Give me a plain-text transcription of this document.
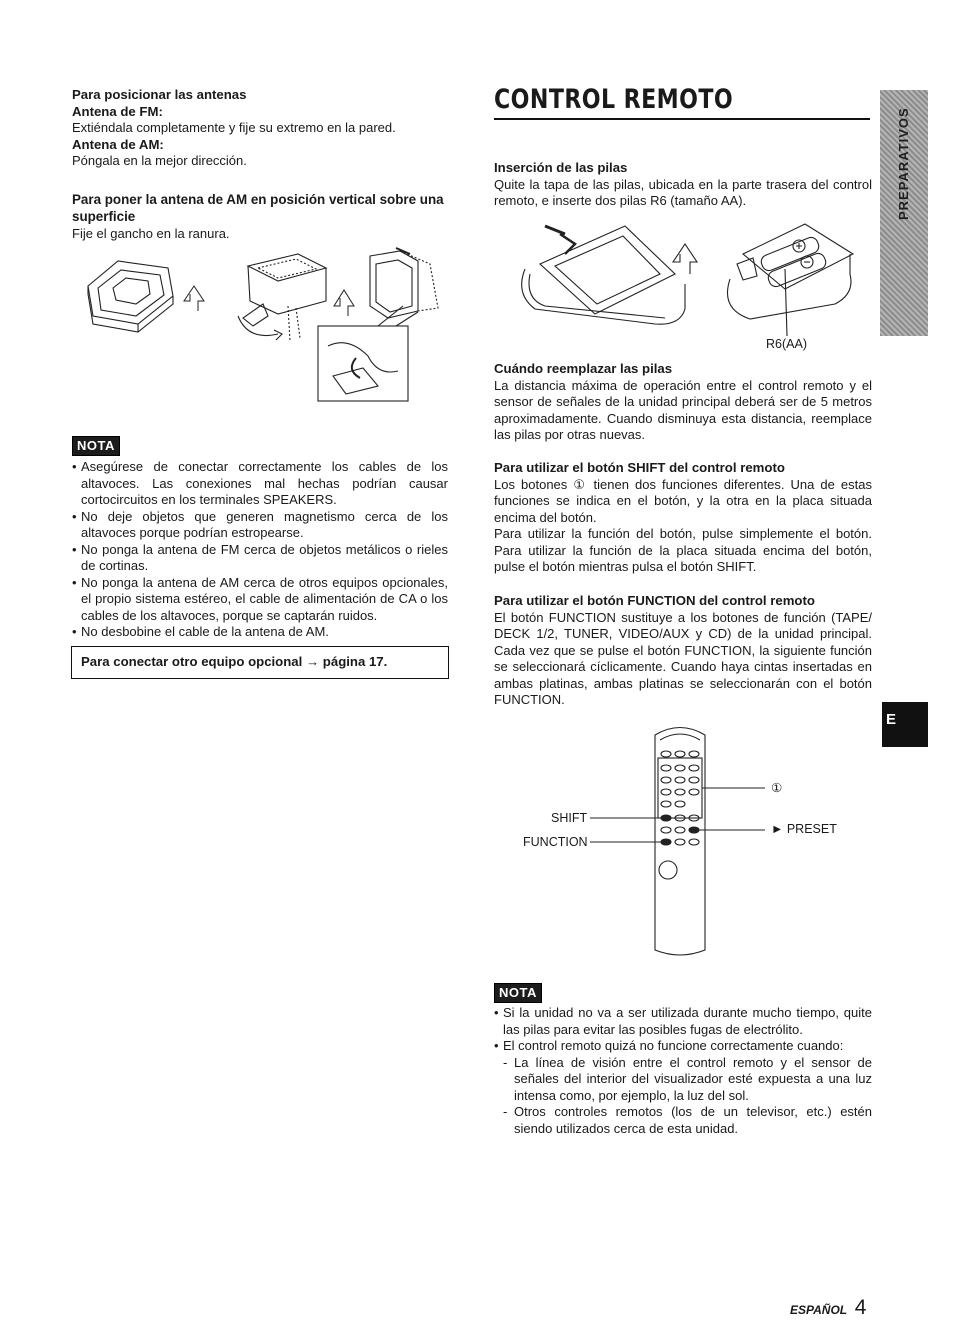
Para posicionar las antenas
Antena de FM:
Extiéndala completamente y fije su extremo en la pared.
Antena de AM:
Póngala en la mejor dirección.
Para poner la antena de AM en posición vertical sobre una superficie
Fije el gancho en la ranura.
NOTA
• Asegúrese de conectar correctamente los cables de los altavoces. Las conexiones mal hechas podrían causar cortocircuitos en los terminales SPEAKERS.
• No deje objetos que generen magnetismo cerca de los altavoces porque podrían estropearse.
• No ponga la antena de FM cerca de objetos metálicos o rieles de cortinas.
• No ponga la antena de AM cerca de otros equipos opcionales, el propio sistema estéreo, el cable de alimentación de CA o los cables de los altavoces, porque se captarán ruidos.
• No desbobine el cable de la antena de AM.
Para conectar otro equipo opcional → página 17.
CONTROL REMOTO
Inserción de las pilas
Quite la tapa de las pilas, ubicada en la parte trasera del control remoto, e inserte dos pilas R6 (tamaño AA).
R6(AA)
Cuándo reemplazar las pilas
La distancia máxima de operación entre el control remoto y el sensor de señales de la unidad principal deberá ser de 5 metros aproximadamente. Cuando disminuya esta distancia, reemplace las pilas por otras nuevas.
Para utilizar el botón SHIFT del control remoto
Los botones ① tienen dos funciones diferentes. Una de estas funciones se indica en el botón, y la otra en la placa situada encima del botón.
Para utilizar la función del botón, pulse simplemente el botón. Para utilizar la función de la placa situada encima del botón, pulse el botón mientras pulsa el botón SHIFT.
Para utilizar el botón FUNCTION del control remoto
El botón FUNCTION sustituye a los botones de función (TAPE/ DECK 1/2, TUNER, VIDEO/AUX y CD) de la unidad principal. Cada vez que se pulse el botón FUNCTION, la siguiente función se seleccionará cíclicamente. Cuando haya cintas insertadas en ambas platinas, ambas platinas se seleccionarán con el botón FUNCTION.
①
SHIFT
► PRESET
FUNCTION
NOTA
• Si la unidad no va a ser utilizada durante mucho tiempo, quite las pilas para evitar las posibles fugas de electrólito.
• El control remoto quizá no funcione correctamente cuando:
- La línea de visión entre el control remoto y el sensor de señales del interior del visualizador esté expuesta a una luz intensa como, por ejemplo, la luz del sol.
- Otros controles remotos (los de un televisor, etc.) estén siendo utilizados cerca de esta unidad.
PREPARATIVOS
E
ESPAÑOL 4
